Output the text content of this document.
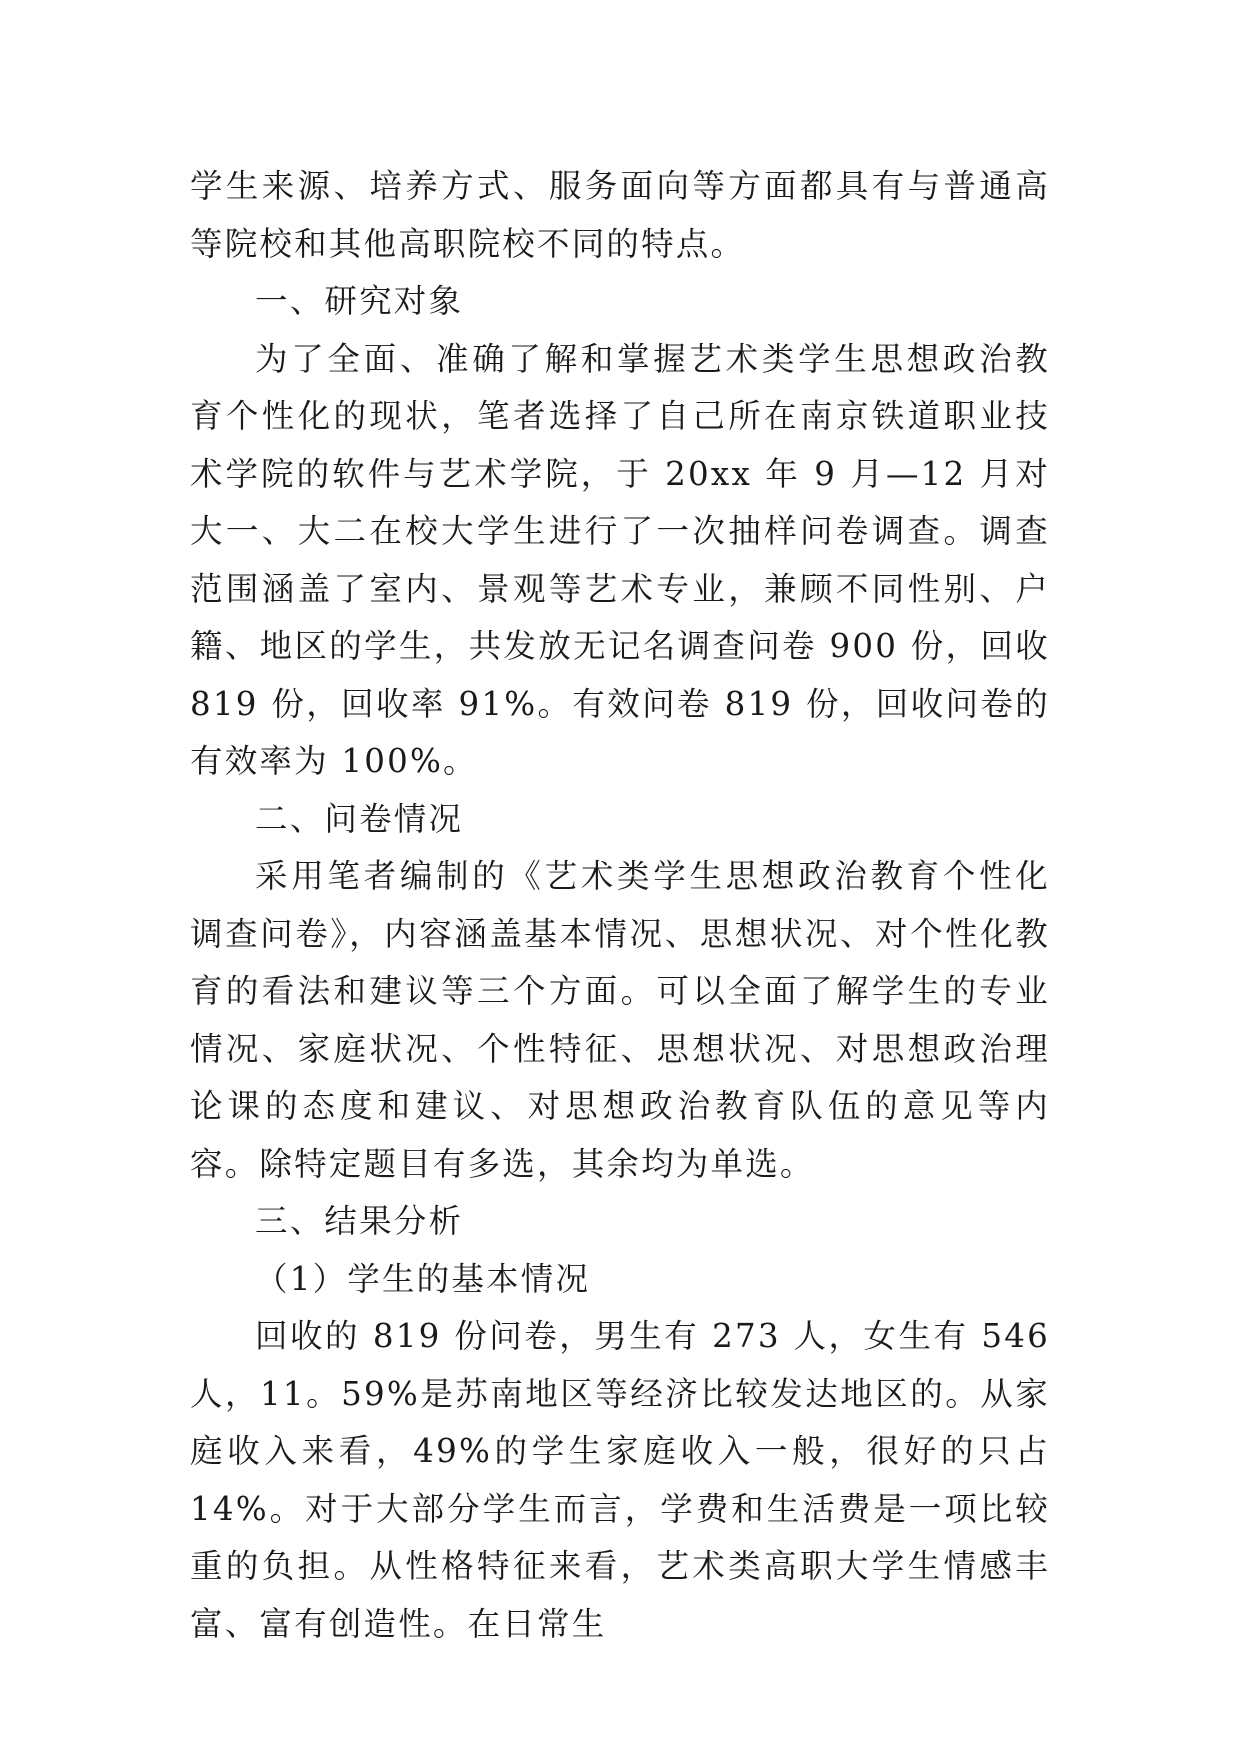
学生来源、培养方式、服务面向等方面都具有与普通高等院校和其他高职院校不同的特点。

一、研究对象

为了全面、准确了解和掌握艺术类学生思想政治教育个性化的现状，笔者选择了自己所在南京铁道职业技术学院的软件与艺术学院，于 20xx 年 9 月—12 月对大一、大二在校大学生进行了一次抽样问卷调查。调查范围涵盖了室内、景观等艺术专业，兼顾不同性别、户籍、地区的学生，共发放无记名调查问卷 900 份，回收 819 份，回收率 91%。有效问卷 819 份，回收问卷的有效率为 100%。

二、问卷情况

采用笔者编制的《艺术类学生思想政治教育个性化调查问卷》，内容涵盖基本情况、思想状况、对个性化教育的看法和建议等三个方面。可以全面了解学生的专业情况、家庭状况、个性特征、思想状况、对思想政治理论课的态度和建议、对思想政治教育队伍的意见等内容。除特定题目有多选，其余均为单选。

三、结果分析

（1）学生的基本情况

回收的 819 份问卷，男生有 273 人，女生有 546 人，11。59%是苏南地区等经济比较发达地区的。从家庭收入来看，49%的学生家庭收入一般，很好的只占 14%。对于大部分学生而言，学费和生活费是一项比较重的负担。从性格特征来看，艺术类高职大学生情感丰富、富有创造性。在日常生
